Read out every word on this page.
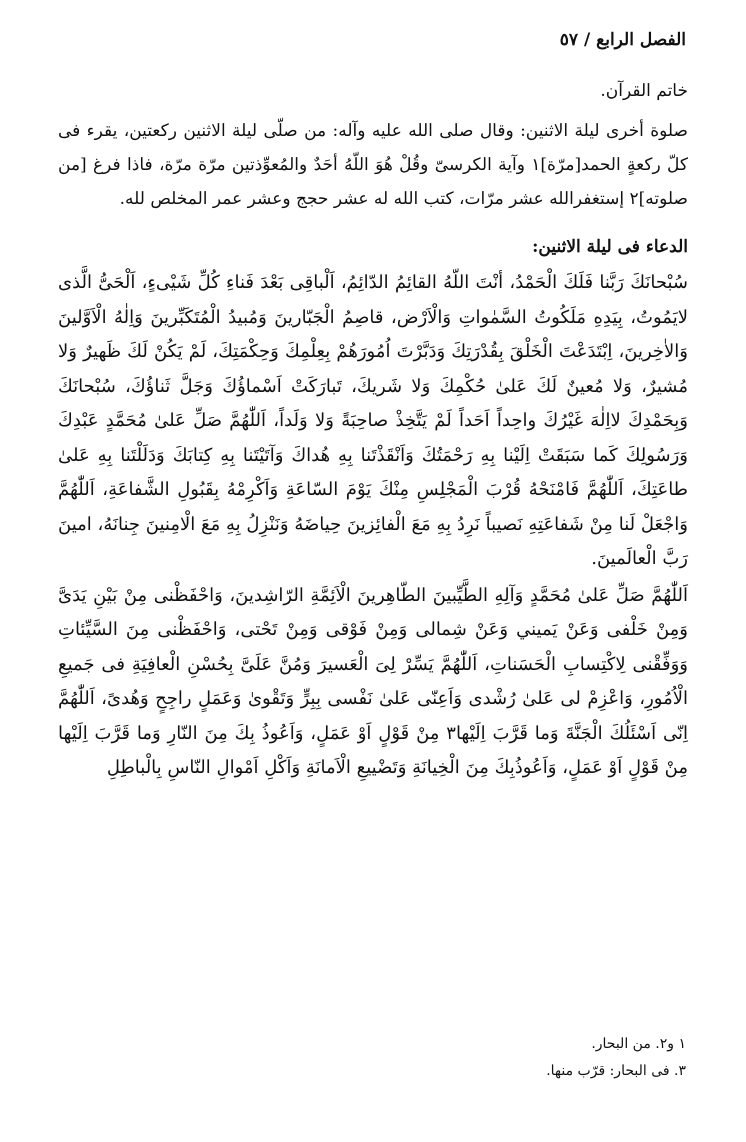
الفصل الرابع/٥٧

خاتم القرآن.

صلوة أخرى ليلة الاثنين: وقال صلى الله عليه وآله: من صلّى ليلة الاثنين ركعتين، يقرء فى كلّ ركعةٍ الحمد[مرّة]١ وآية الكرسىّ وقُلْ هُوَ اللّهُ أحَدٌ والمُعوِّذتين مرّة مرّة، فاذا فرغ [من صلوته]٢ إستغفرالله عشر مرّات، كتب الله له عشر حجج وعشر عمر المخلص لله.

الدعاء فى ليلة الاثنين:

سُبْحانَكَ رَبَّنا فَلَكَ الْحَمْدُ، أنْتَ اللّهُ القائِمُ الدّائِمُ، اَلْباقِى بَعْدَ فَناءِ كُلِّ شَيْىءٍ، اَلْحَىُّ الَّذى لايَمُوتُ، بِيَدِهِ مَلَكُوتُ السَّمٰواتِ وَالْاَرْض، قاصِمُ الْجَبّارينَ وَمُبيدُ الْمُتَكَبِّرينَ وَاِلٰهُ الْاَوَّلينَ وَالاٰخِرينَ، اِبْتَدَعْتَ الْخَلْقَ بِقُدْرَتِكَ وَدَبَّرْتَ اُمُورَهُمْ بِعِلْمِكَ وَحِكْمَتِكَ، لَمْ يَكُنْ لَكَ ظَهيرٌ وَلا مُشيرٌ، وَلا مُعينٌ لَكَ عَلىٰ حُكْمِكَ وَلا شَريكَ، تَبارَكَتْ اَسْماؤُكَ وَجَلَّ ثَناؤُكَ، سُبْحانَكَ وَبِحَمْدِكَ لااِلٰهَ غَيْرُكَ واحِداً اَحَداً لَمْ يَتَّخِذْ صاحِبَةً وَلا وَلَداً، اَللّٰهُمَّ صَلِّ عَلىٰ مُحَمَّدٍ عَبْدِكَ وَرَسُولِكَ كَما سَبَقَتْ اِلَيْنا بِهِ رَحْمَتُكَ وَاَنْقَذْتَنا بِهِ هُداكَ وَآتَيْتَنا بِهِ كِتابَكَ وَدَلَلْتَنا بِهِ عَلىٰ طاعَتِكَ، اَللّٰهُمَّ فَامْنَحْهُ قُرْبَ الْمَجْلِسِ مِنْكَ يَوْمَ السّاعَةِ وَاَكْرِمْهُ بِقَبُولِ الشَّفاعَةِ، اَللّٰهُمَّ وَاجْعَلْ لَنا مِنْ شَفاعَتِهِ نَصيباً نَرِدُ بِهِ مَعَ الْفائِزينَ حِياضَهُ وَنَنْزِلُ بِهِ مَعَ الْامِنينَ جِنانَهُ، امينَ رَبَّ الْعالَمينَ.

اَللّٰهُمَّ صَلِّ عَلىٰ مُحَمَّدٍ وَآلِهِ الطَّيِّبينَ الطّاهِرينَ الْاَئِمَّةِ الرّاشِدينَ، وَاحْفَظْنى مِنْ بَيْنِ يَدَىَّ وَمِنْ خَلْفى وَعَنْ يَميني وَعَنْ شِمالى وَمِنْ فَوْقى وَمِنْ تَحْتى، وَاحْفَظْنى مِنَ السَّيِّئاتِ وَوَفِّقْنى لِاكْتِسابِ الْحَسَناتِ، اَللّٰهُمَّ يَسِّرْ لِىَ الْعَسيرَ وَمُنَّ عَلَىَّ بِحُسْنِ الْعافِيَةِ فى جَميعِ الْاُمُورِ، وَاعْزِمْ لى عَلىٰ رُشْدى وَاَعِنّى عَلىٰ نَفْسى بِبِرٍّ وَتَقْوىٰ وَعَمَلٍ راجِحٍ وَهُدىً، اَللّٰهُمَّ اِنّى اَسْئَلُكَ الْجَنَّةَ وَما قَرَّبَ اِلَيْها٣ مِنْ قَوْلٍ اَوْ عَمَلٍ، وَاَعُوذُ بِكَ مِنَ النّارِ وَما قَرَّبَ اِلَيْها مِنْ قَوْلٍ اَوْ عَمَلٍ، وَاَعُوذُبِكَ مِنَ الْخِيانَةِ وَتَضْييعِ الْاَمانَةِ وَاَكْلِ اَمْوالِ النّاسِ بِالْباطِلِ

١ و٢. من البحار.

٣. فى البحار: قرّب منها.
